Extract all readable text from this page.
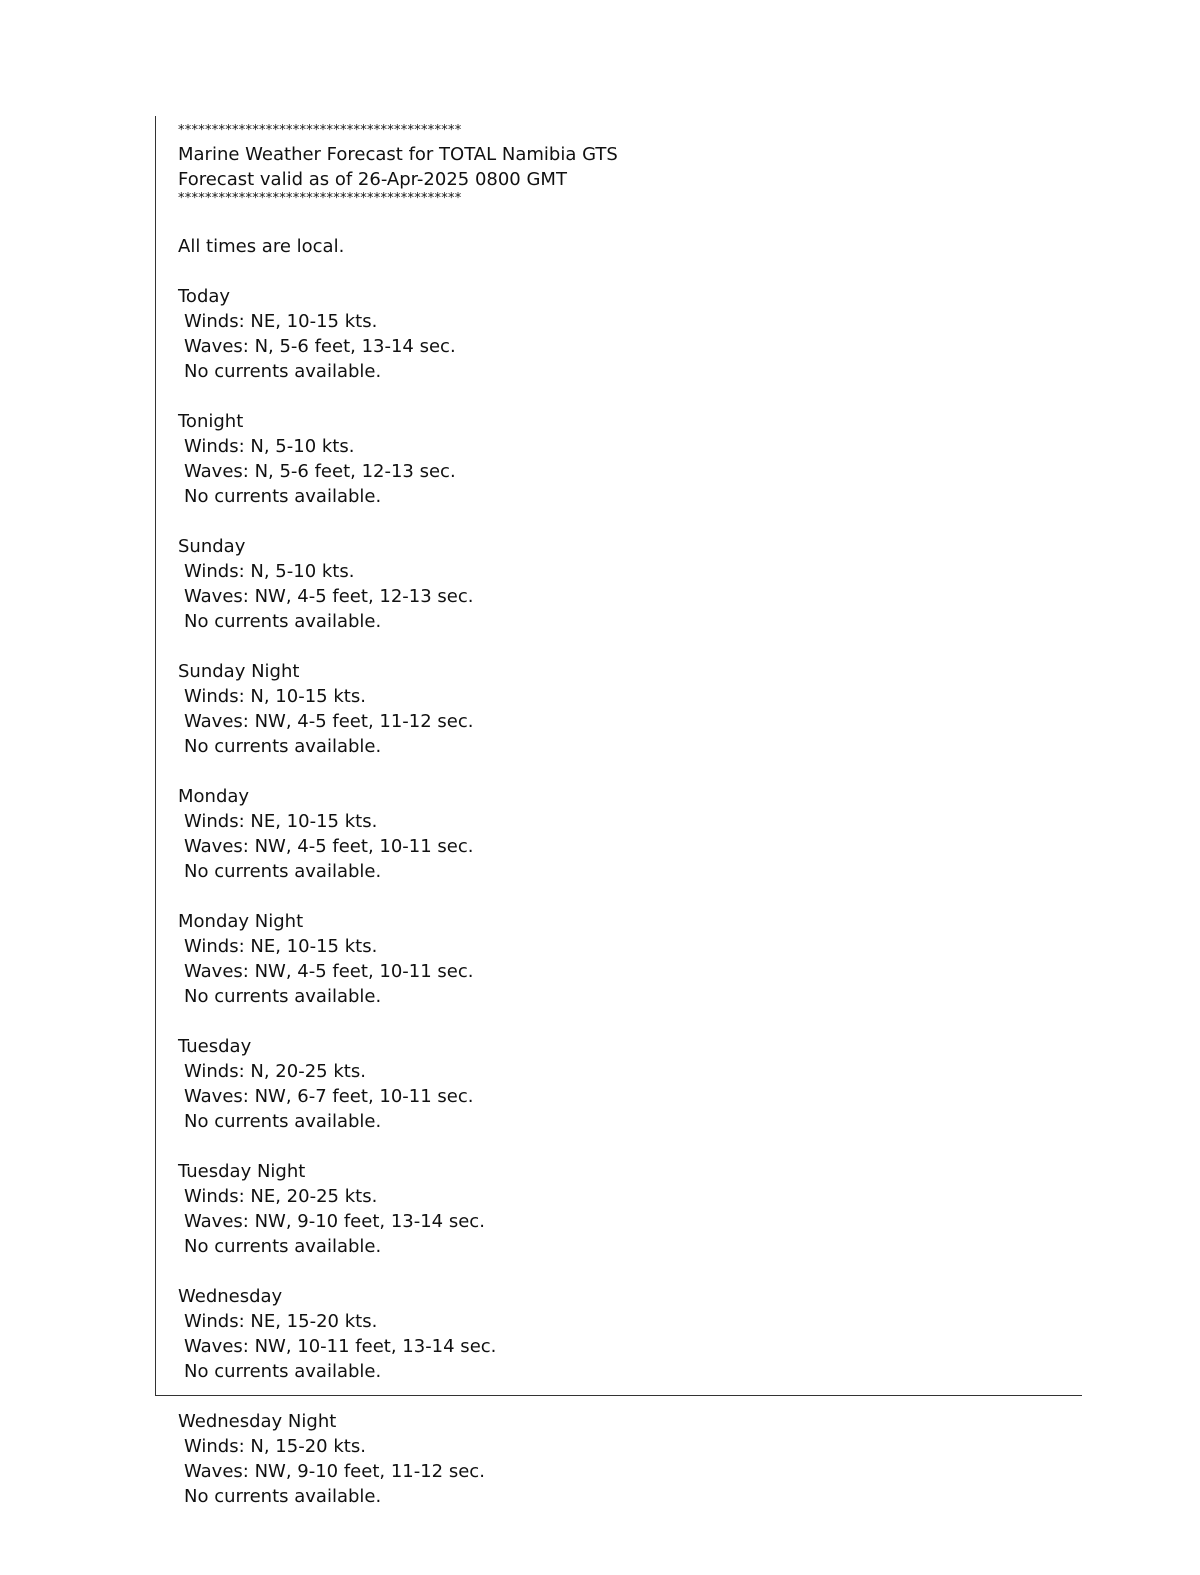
******************************************
Marine Weather Forecast for TOTAL Namibia GTS
Forecast valid as of 26-Apr-2025 0800 GMT
******************************************
All times are local.
Today
Winds: NE, 10-15 kts.
Waves: N, 5-6 feet, 13-14 sec.
No currents available.
Tonight
Winds: N, 5-10 kts.
Waves: N, 5-6 feet, 12-13 sec.
No currents available.
Sunday
Winds: N, 5-10 kts.
Waves: NW, 4-5 feet, 12-13 sec.
No currents available.
Sunday Night
Winds: N, 10-15 kts.
Waves: NW, 4-5 feet, 11-12 sec.
No currents available.
Monday
Winds: NE, 10-15 kts.
Waves: NW, 4-5 feet, 10-11 sec.
No currents available.
Monday Night
Winds: NE, 10-15 kts.
Waves: NW, 4-5 feet, 10-11 sec.
No currents available.
Tuesday
Winds: N, 20-25 kts.
Waves: NW, 6-7 feet, 10-11 sec.
No currents available.
Tuesday Night
Winds: NE, 20-25 kts.
Waves: NW, 9-10 feet, 13-14 sec.
No currents available.
Wednesday
Winds: NE, 15-20 kts.
Waves: NW, 10-11 feet, 13-14 sec.
No currents available.
Wednesday Night
Winds: N, 15-20 kts.
Waves: NW, 9-10 feet, 11-12 sec.
No currents available.
